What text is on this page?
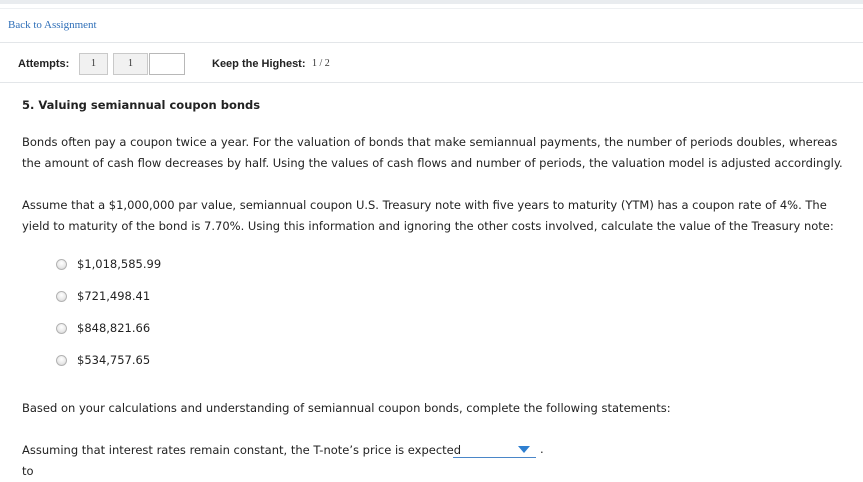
Back to Assignment
Attempts:	1	1	Keep the Highest: 1 / 2
5. Valuing semiannual coupon bonds
Bonds often pay a coupon twice a year. For the valuation of bonds that make semiannual payments, the number of periods doubles, whereas the amount of cash flow decreases by half. Using the values of cash flows and number of periods, the valuation model is adjusted accordingly.
Assume that a $1,000,000 par value, semiannual coupon U.S. Treasury note with five years to maturity (YTM) has a coupon rate of 4%. The yield to maturity of the bond is 7.70%. Using this information and ignoring the other costs involved, calculate the value of the Treasury note:
$1,018,585.99
$721,498.41
$848,821.66
$534,757.65
Based on your calculations and understanding of semiannual coupon bonds, complete the following statements:
Assuming that interest rates remain constant, the T-note’s price is expected to
.
